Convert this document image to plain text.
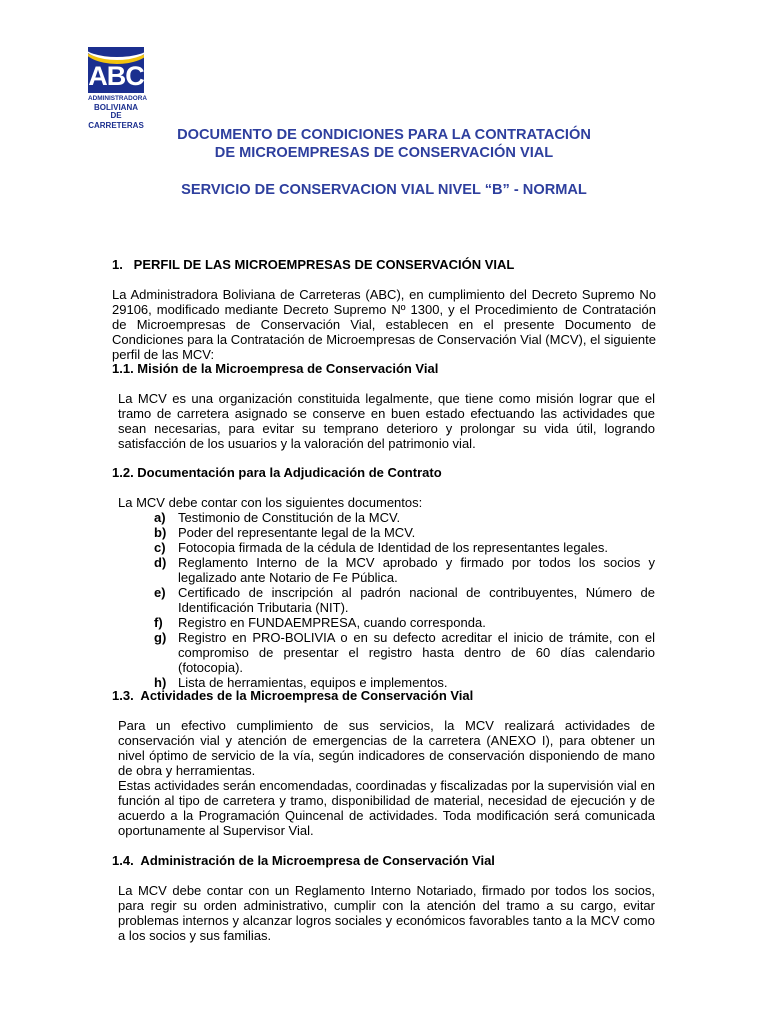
ABC
ADMINISTRADORA
BOLIVIANA DE
CARRETERAS
DOCUMENTO DE CONDICIONES PARA LA CONTRATACIÓN
DE MICROEMPRESAS DE CONSERVACIÓN VIAL
SERVICIO DE CONSERVACION VIAL NIVEL “B” - NORMAL
1.   PERFIL DE LAS MICROEMPRESAS DE CONSERVACIÓN VIAL
La Administradora Boliviana de Carreteras (ABC), en cumplimiento del Decreto Supremo No 29106, modificado mediante Decreto Supremo Nº 1300, y el Procedimiento de Contratación de Microempresas de Conservación Vial, establecen en el presente Documento de Condiciones para la Contratación de Microempresas de Conservación Vial (MCV), el siguiente perfil de las MCV:
1.1. Misión de la Microempresa de Conservación Vial
La MCV es una organización constituida legalmente, que tiene como misión lograr que el tramo de carretera asignado se conserve en buen estado efectuando las actividades que sean necesarias, para evitar su temprano deterioro y prolongar su vida útil, logrando satisfacción de los usuarios y la valoración del patrimonio vial.
1.2. Documentación para la Adjudicación de Contrato
La MCV debe contar con los siguientes documentos:
a) Testimonio de Constitución de la MCV.
b) Poder del representante legal de la MCV.
c) Fotocopia firmada de la cédula de Identidad de los representantes legales.
d) Reglamento Interno de la MCV aprobado y firmado por todos los socios y legalizado ante Notario de Fe Pública.
e) Certificado de inscripción al padrón nacional de contribuyentes, Número de Identificación Tributaria (NIT).
f) Registro en FUNDAEMPRESA, cuando corresponda.
g) Registro en PRO-BOLIVIA o en su defecto acreditar el inicio de trámite, con el compromiso de presentar el registro hasta dentro de 60 días calendario (fotocopia).
h) Lista de herramientas, equipos e implementos.
1.3.  Actividades de la Microempresa de Conservación Vial
Para un efectivo cumplimiento de sus servicios, la MCV realizará actividades de conservación vial y atención de emergencias de la carretera (ANEXO I), para obtener un nivel óptimo de servicio de la vía, según indicadores de conservación disponiendo de mano de obra y herramientas.
Estas actividades serán encomendadas, coordinadas y fiscalizadas por la supervisión vial en función al tipo de carretera y tramo, disponibilidad de material, necesidad de ejecución y de acuerdo a la Programación Quincenal de actividades. Toda modificación será comunicada oportunamente al Supervisor Vial.
1.4.  Administración de la Microempresa de Conservación Vial
La MCV debe contar con un Reglamento Interno Notariado, firmado por todos los socios, para regir su orden administrativo, cumplir con la atención del tramo a su cargo, evitar problemas internos y alcanzar logros sociales y económicos favorables tanto a la MCV como a los socios y sus familias.
